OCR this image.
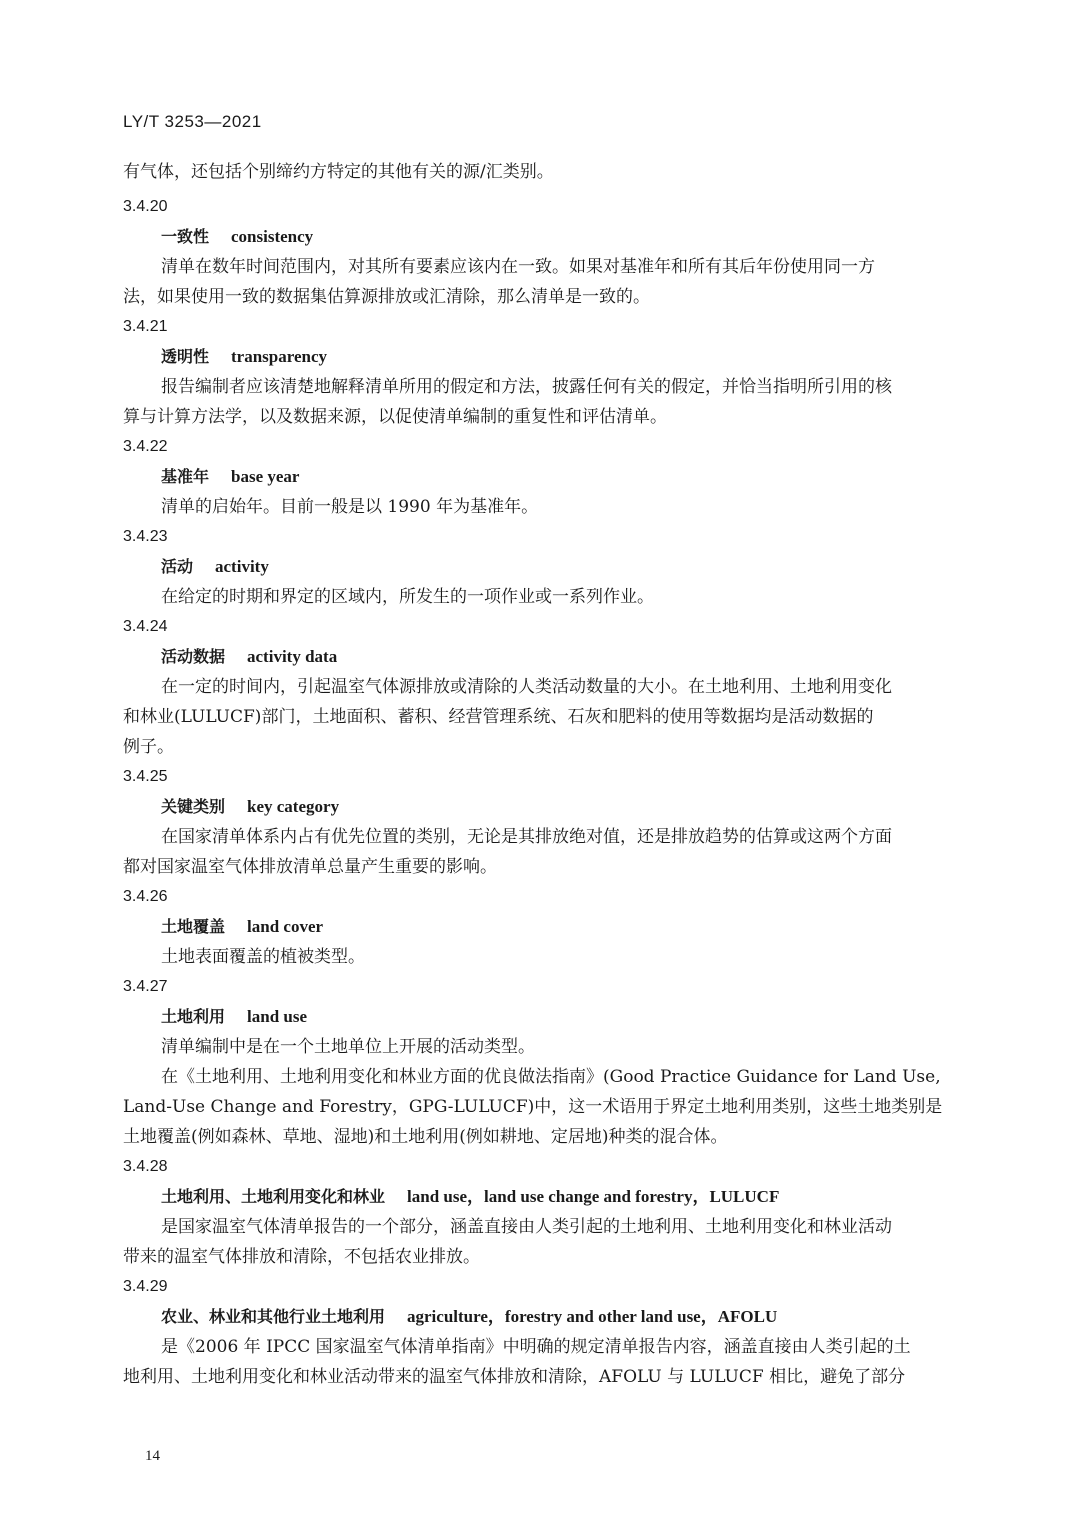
LY/T 3253—2021
有气体，还包括个别缔约方特定的其他有关的源/汇类别。
3.4.20
一致性 consistency
清单在数年时间范围内，对其所有要素应该内在一致。如果对基准年和所有其后年份使用同一方
法，如果使用一致的数据集估算源排放或汇清除，那么清单是一致的。
3.4.21
透明性 transparency
报告编制者应该清楚地解释清单所用的假定和方法，披露任何有关的假定，并恰当指明所引用的核
算与计算方法学，以及数据来源，以促使清单编制的重复性和评估清单。
3.4.22
基准年 base year
清单的启始年。目前一般是以 1990 年为基准年。
3.4.23
活动 activity
在给定的时期和界定的区域内，所发生的一项作业或一系列作业。
3.4.24
活动数据 activity data
在一定的时间内，引起温室气体源排放或清除的人类活动数量的大小。在土地利用、土地利用变化
和林业(LULUCF)部门，土地面积、蓄积、经营管理系统、石灰和肥料的使用等数据均是活动数据的
例子。
3.4.25
关键类别 key category
在国家清单体系内占有优先位置的类别，无论是其排放绝对值，还是排放趋势的估算或这两个方面
都对国家温室气体排放清单总量产生重要的影响。
3.4.26
土地覆盖 land cover
土地表面覆盖的植被类型。
3.4.27
土地利用 land use
清单编制中是在一个土地单位上开展的活动类型。
在《土地利用、土地利用变化和林业方面的优良做法指南》(Good Practice Guidance for Land Use,
Land-Use Change and Forestry，GPG-LULUCF)中，这一术语用于界定土地利用类别，这些土地类别是
土地覆盖(例如森林、草地、湿地)和土地利用(例如耕地、定居地)种类的混合体。
3.4.28
土地利用、土地利用变化和林业 land use，land use change and forestry，LULUCF
是国家温室气体清单报告的一个部分，涵盖直接由人类引起的土地利用、土地利用变化和林业活动
带来的温室气体排放和清除，不包括农业排放。
3.4.29
农业、林业和其他行业土地利用 agriculture，forestry and other land use，AFOLU
是《2006 年 IPCC 国家温室气体清单指南》中明确的规定清单报告内容，涵盖直接由人类引起的土
地利用、土地利用变化和林业活动带来的温室气体排放和清除，AFOLU 与 LULUCF 相比，避免了部分
14
